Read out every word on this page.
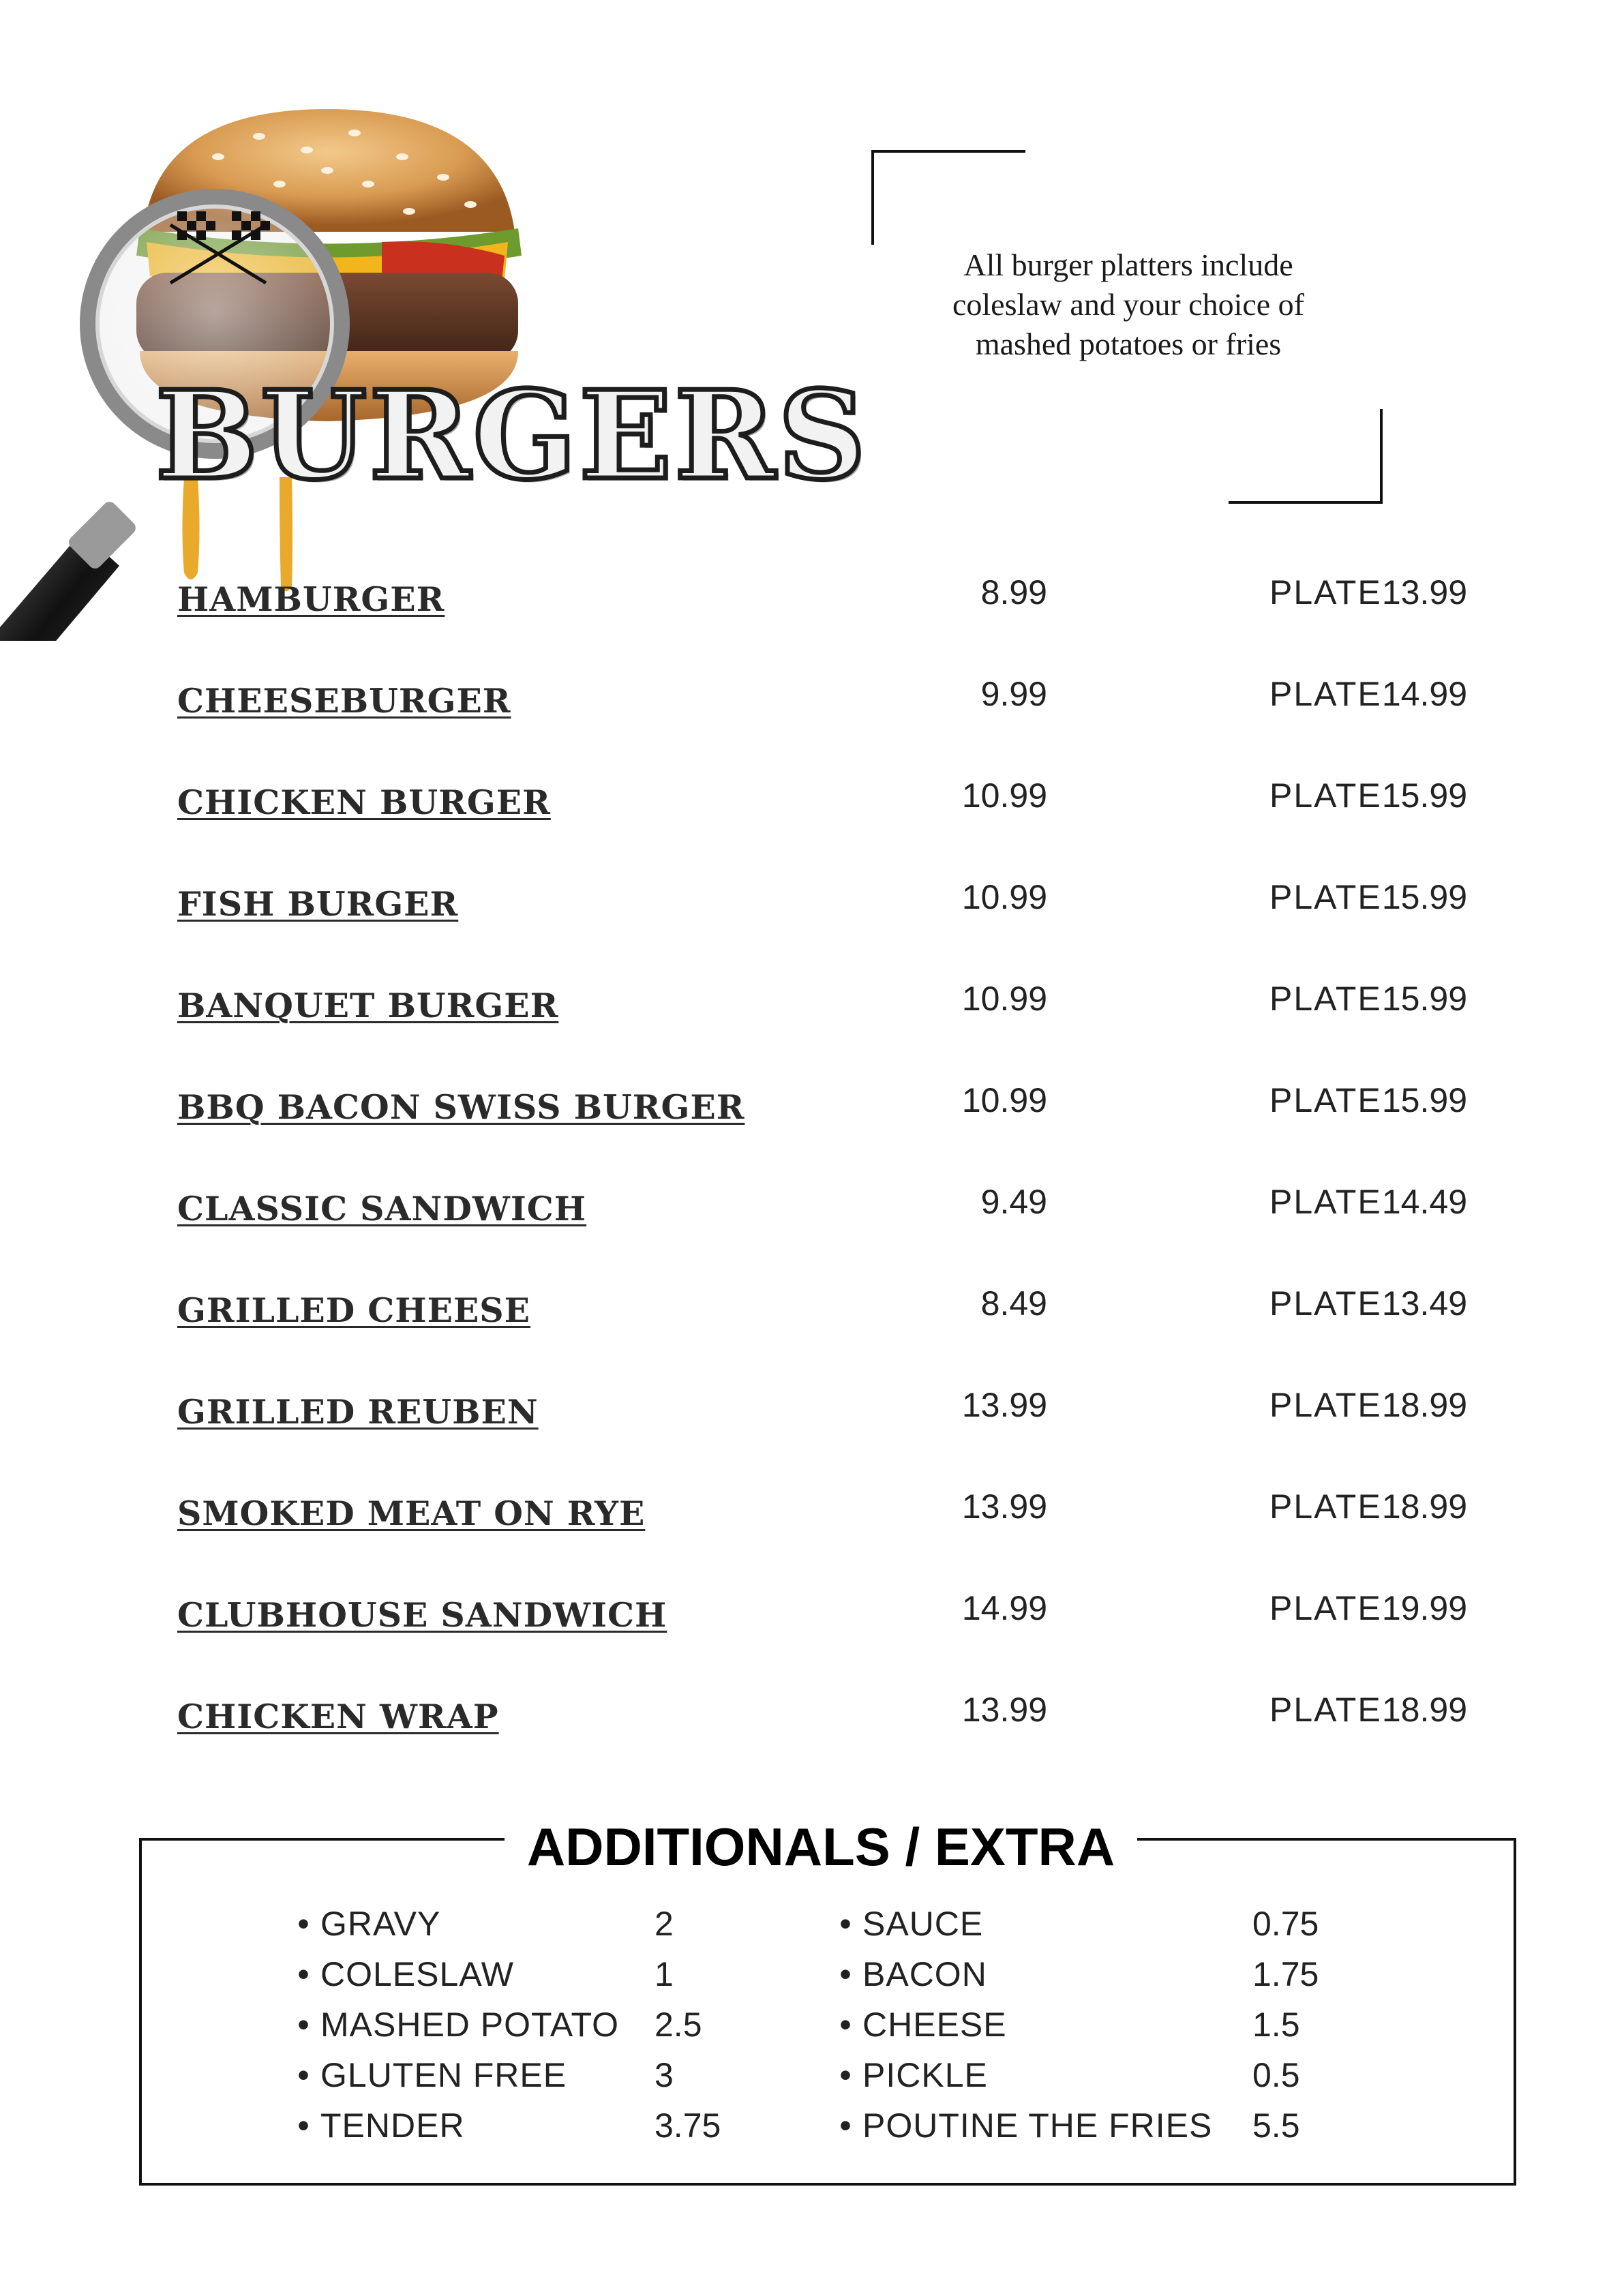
BURGERS
All burger platters include coleslaw and your choice of mashed potatoes or fries
HAMBURGER	8.99	PLATE 13.99
CHEESEBURGER	9.99	PLATE 14.99
CHICKEN BURGER	10.99	PLATE 15.99
FISH BURGER	10.99	PLATE 15.99
BANQUET BURGER	10.99	PLATE 15.99
BBQ BACON SWISS BURGER	10.99	PLATE 15.99
CLASSIC SANDWICH	9.49	PLATE 14.49
GRILLED CHEESE	8.49	PLATE 13.49
GRILLED REUBEN	13.99	PLATE 18.99
SMOKED MEAT ON RYE	13.99	PLATE 18.99
CLUBHOUSE SANDWICH	14.99	PLATE 19.99
CHICKEN WRAP	13.99	PLATE 18.99
ADDITIONALS / EXTRA
• GRAVY	2
• COLESLAW	1
• MASHED POTATO 2.5
• GLUTEN FREE	3
• TENDER	3.75
• SAUCE	0.75
• BACON	1.75
• CHEESE	1.5
• PICKLE	0.5
• POUTINE THE FRIES 5.5
